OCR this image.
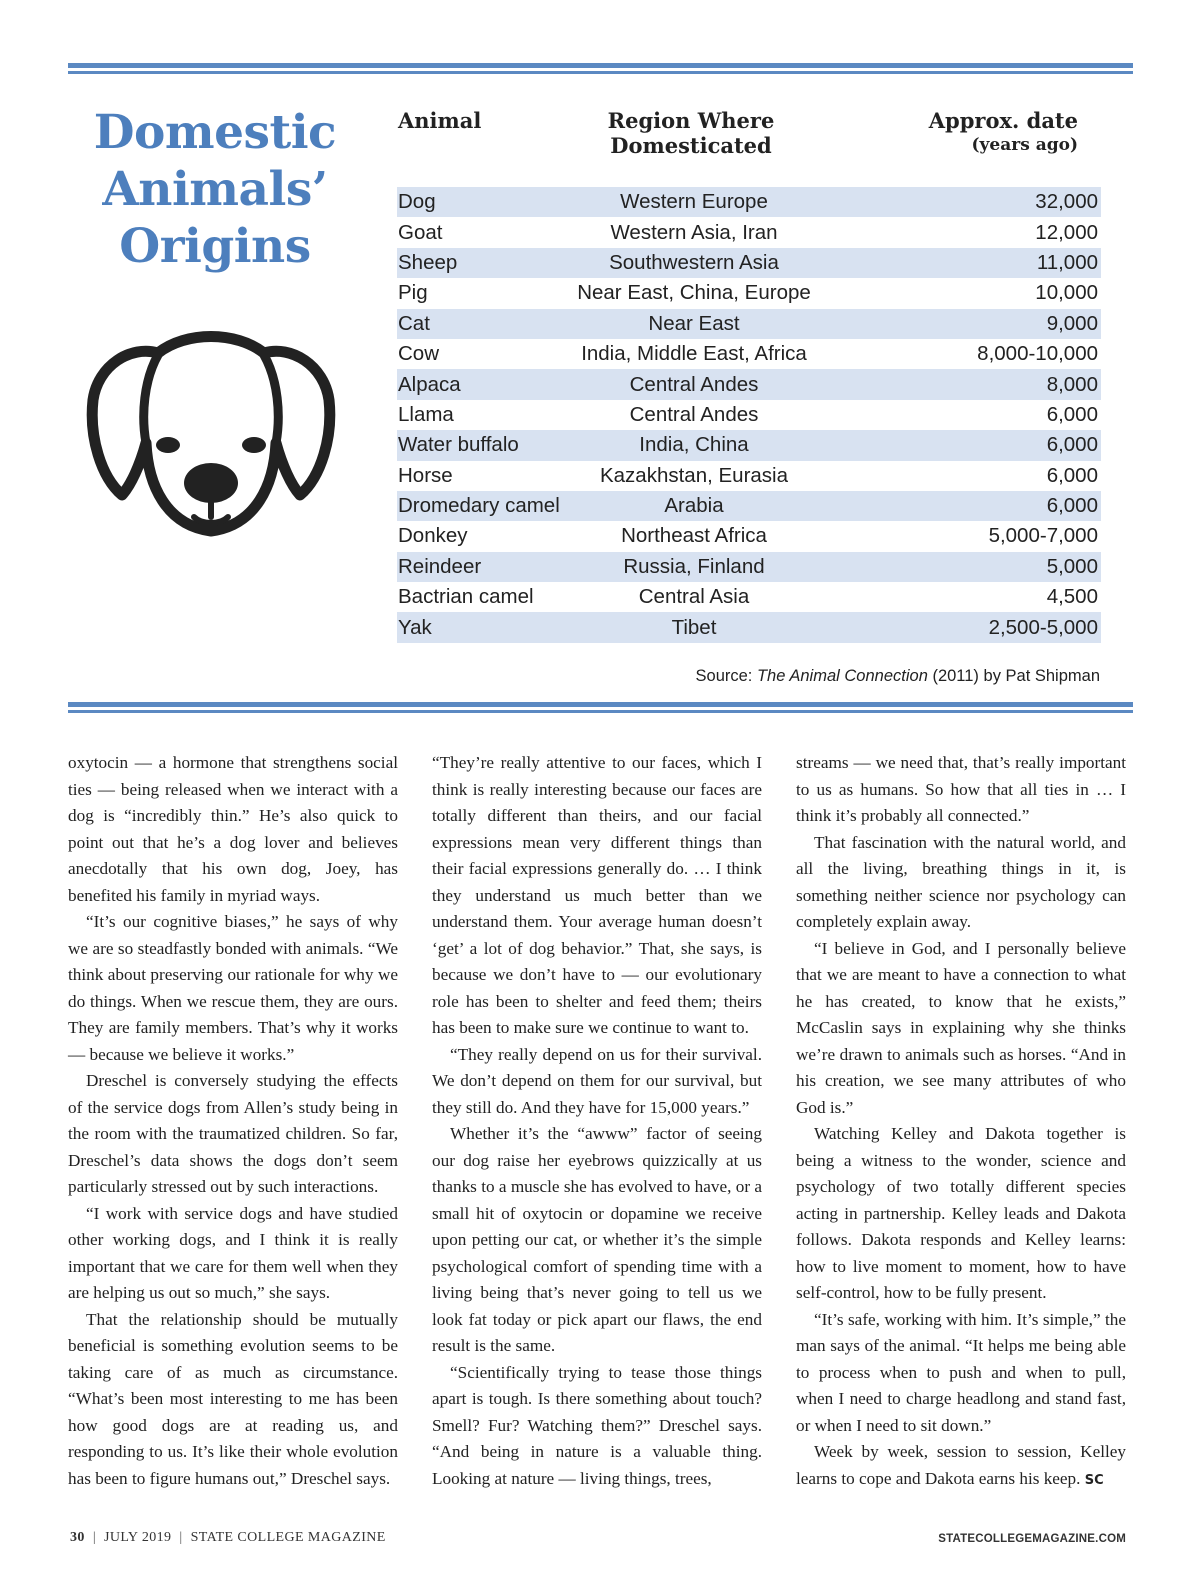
Domestic
Animals’
Origins
Animal	Region Where
Domesticated
Approx. date
(years ago)
Dog	Western Europe	32,000
Goat	Western Asia, Iran	12,000
Sheep	Southwestern Asia	11,000
Pig	Near East, China, Europe	10,000
Cat	Near East	9,000
Cow	India, Middle East, Africa	8,000-10,000
Alpaca	Central Andes	8,000
Llama	Central Andes	6,000
Water buffalo	India, China	6,000
Horse	Kazakhstan, Eurasia	6,000
Dromedary camel	Arabia	6,000
Donkey	Northeast Africa	5,000-7,000
Reindeer	Russia, Finland	5,000
Bactrian camel	Central Asia	4,500
Yak	Tibet	2,500-5,000
Source: The Animal Connection (2011) by Pat Shipman

oxytocin — a hormone that strengthens social ties — being released when we interact with a dog is “incredibly thin.” He’s also quick to point out that he’s a dog lover and believes anecdotally that his own dog, Joey, has benefited his family in myriad ways.

“It’s our cognitive biases,” he says of why we are so steadfastly bonded with animals. “We think about preserving our rationale for why we do things. When we rescue them, they are ours. They are family members. That’s why it works — because we believe it works.”

Dreschel is conversely studying the effects of the service dogs from Allen’s study being in the room with the traumatized children. So far, Dreschel’s data shows the dogs don’t seem particularly stressed out by such interactions.

“I work with service dogs and have studied other working dogs, and I think it is really important that we care for them well when they are helping us out so much,” she says.

That the relationship should be mutually beneficial is something evolution seems to be taking care of as much as circumstance. “What’s been most interesting to me has been how good dogs are at reading us, and responding to us. It’s like their whole evolution has been to figure humans out,” Dreschel says.

“They’re really attentive to our faces, which I think is really interesting because our faces are totally different than theirs, and our facial expressions mean very different things than their facial expressions generally do. … I think they understand us much better than we understand them. Your average human doesn’t ‘get’ a lot of dog behavior.” That, she says, is because we don’t have to — our evolutionary role has been to shelter and feed them; theirs has been to make sure we continue to want to.

“They really depend on us for their survival. We don’t depend on them for our survival, but they still do. And they have for 15,000 years.”

Whether it’s the “awww” factor of seeing our dog raise her eyebrows quizzically at us thanks to a muscle she has evolved to have, or a small hit of oxytocin or dopamine we receive upon petting our cat, or whether it’s the simple psychological comfort of spending time with a living being that’s never going to tell us we look fat today or pick apart our flaws, the end result is the same.

“Scientifically trying to tease those things apart is tough. Is there something about touch? Smell? Fur? Watching them?” Dreschel says. “And being in nature is a valuable thing. Looking at nature — living things, trees,

streams — we need that, that’s really important to us as humans. So how that all ties in … I think it’s probably all connected.”

That fascination with the natural world, and all the living, breathing things in it, is something neither science nor psychology can completely explain away.

“I believe in God, and I personally believe that we are meant to have a connection to what he has created, to know that he exists,” McCaslin says in explaining why she thinks we’re drawn to animals such as horses. “And in his creation, we see many attributes of who God is.”

Watching Kelley and Dakota together is being a witness to the wonder, science and psychology of two totally different species acting in partnership. Kelley leads and Dakota follows. Dakota responds and Kelley learns: how to live moment to moment, how to have self-control, how to be fully present.

“It’s safe, working with him. It’s simple,” the man says of the animal. “It helps me being able to process when to push and when to pull, when I need to charge headlong and stand fast, or when I need to sit down.”

Week by week, session to session, Kelley learns to cope and Dakota earns his keep. SC

30 | JULY 2019 | STATE COLLEGE MAGAZINE	STATECOLLEGEMAGAZINE.COM
